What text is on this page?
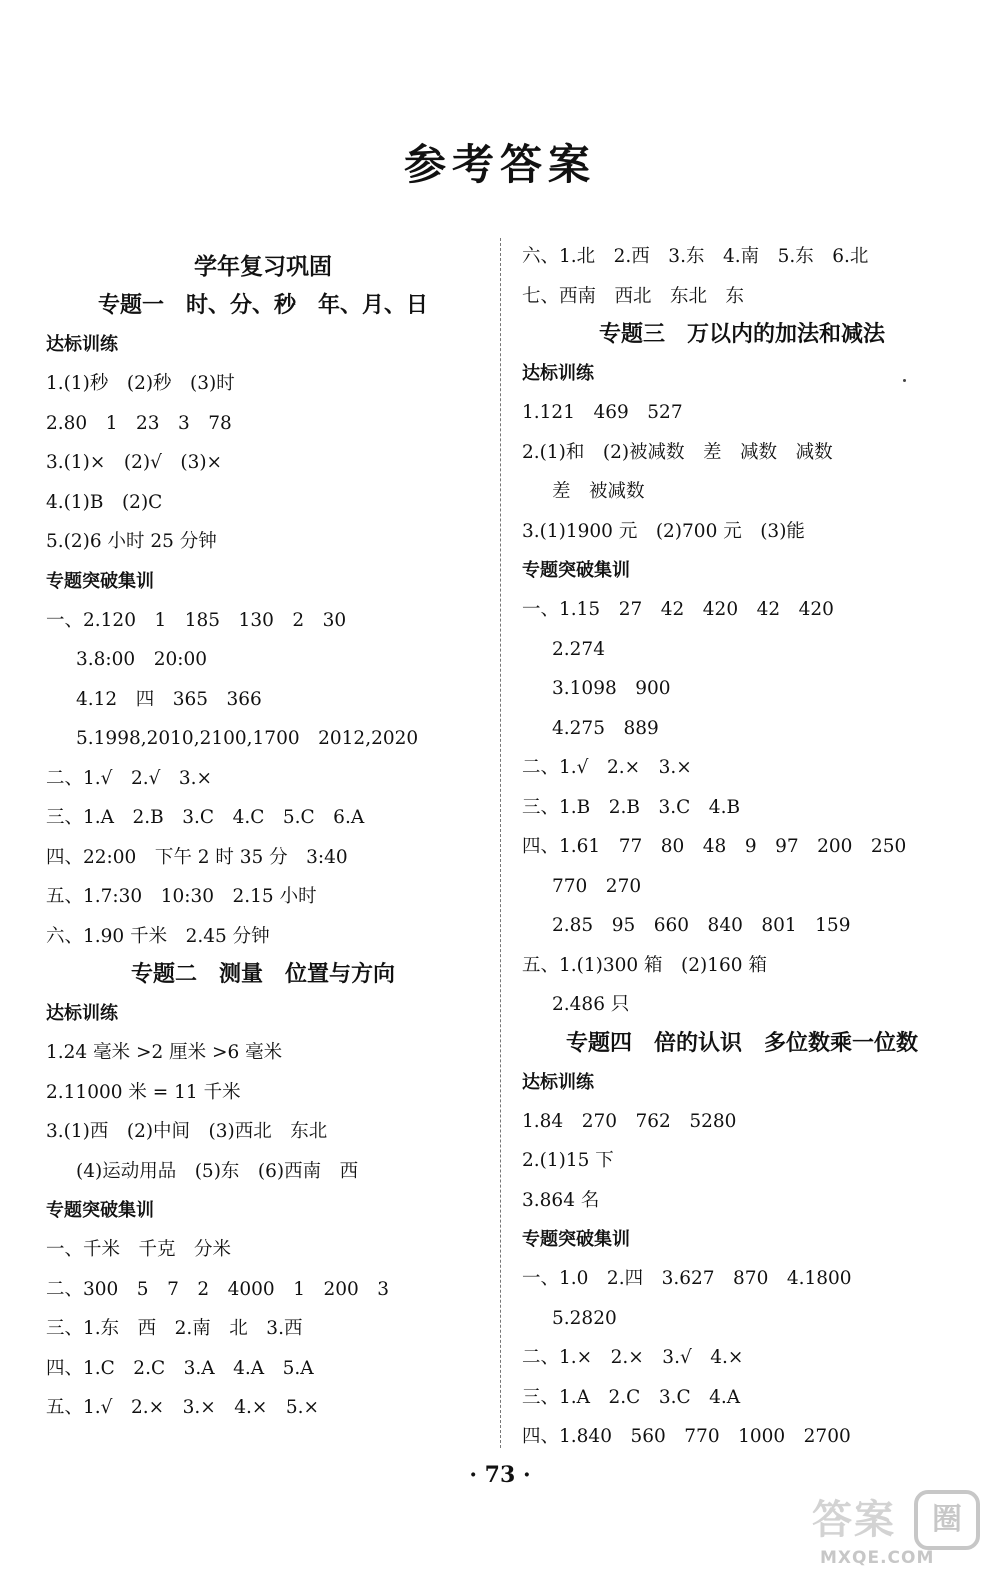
参考答案
学年复习巩固
专题一　时、分、秒　年、月、日
达标训练
1.(1)秒　(2)秒　(3)时
2.80　1　23　3　78
3.(1)×　(2)√　(3)×
4.(1)B　(2)C
5.(2)6 小时 25 分钟
专题突破集训
一、2.120　1　185　130　2　30
3.8:00　20:00
4.12　四　365　366
5.1998,2010,2100,1700　2012,2020
二、1.√　2.√　3.×
三、1.A　2.B　3.C　4.C　5.C　6.A
四、22:00　下午 2 时 35 分　3:40
五、1.7:30　10:30　2.15 小时
六、1.90 千米　2.45 分钟
专题二　测量　位置与方向
达标训练
1.24 毫米 >2 厘米 >6 毫米
2.11000 米 = 11 千米
3.(1)西　(2)中间　(3)西北　东北
(4)运动用品　(5)东　(6)西南　西
专题突破集训
一、千米　千克　分米
二、300　5　7　2　4000　1　200　3
三、1.东　西　2.南　北　3.西
四、1.C　2.C　3.A　4.A　5.A
五、1.√　2.×　3.×　4.×　5.×
六、1.北　2.西　3.东　4.南　5.东　6.北
七、西南　西北　东北　东
专题三　万以内的加法和减法
达标训练
1.121　469　527
2.(1)和　(2)被减数　差　减数　减数
差　被减数
3.(1)1900 元　(2)700 元　(3)能
专题突破集训
一、1.15　27　42　420　42　420
2.274
3.1098　900
4.275　889
二、1.√　2.×　3.×
三、1.B　2.B　3.C　4.B
四、1.61　77　80　48　9　97　200　250
770　270
2.85　95　660　840　801　159
五、1.(1)300 箱　(2)160 箱
2.486 只
专题四　倍的认识　多位数乘一位数
达标训练
1.84　270　762　5280
2.(1)15 下
3.864 名
专题突破集训
一、1.0　2.四　3.627　870　4.1800
5.2820
二、1.×　2.×　3.√　4.×
三、1.A　2.C　3.C　4.A
四、1.840　560　770　1000　2700
· 73 ·
答案	圈
MXQE.COM
